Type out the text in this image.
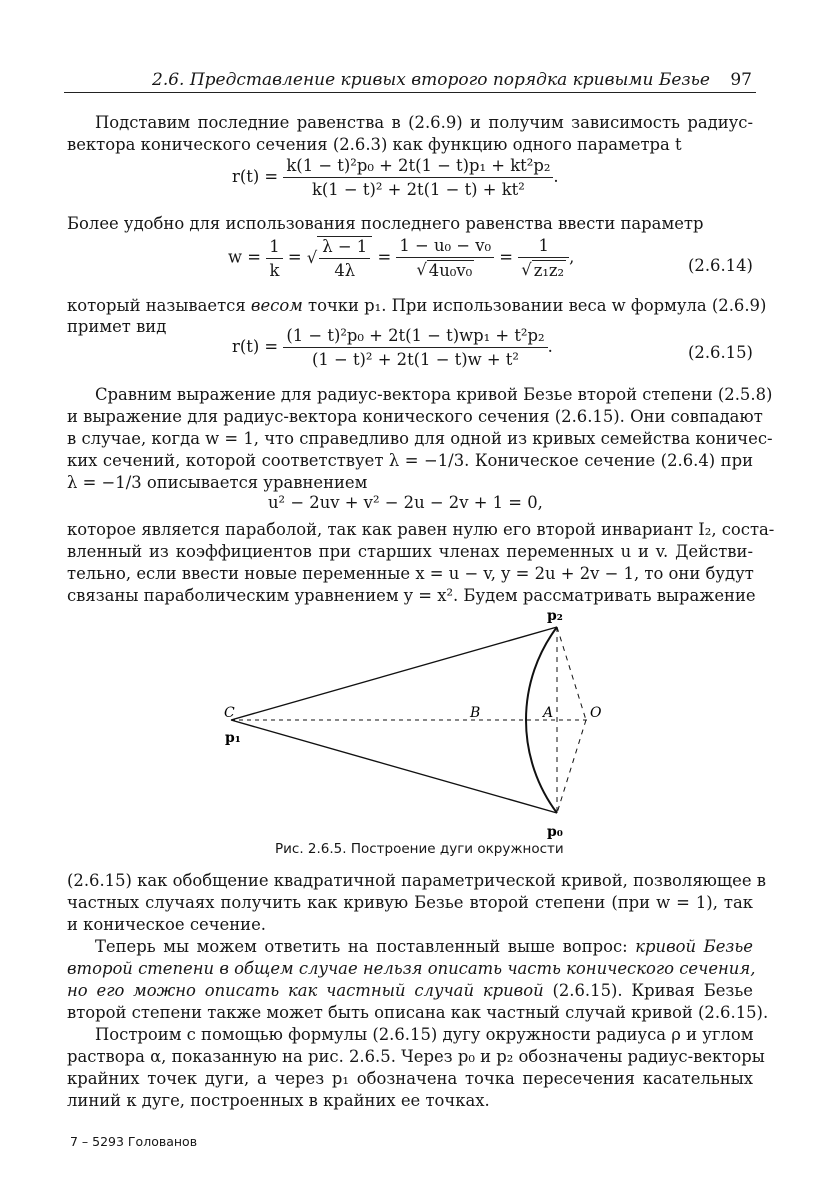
2.6. Представление кривых второго порядка кривыми Безье 97
Подставим последние равенства в (2.6.9) и получим зависимость радиус-
вектора конического сечения (2.6.3) как функцию одного параметра t
$r(t) = \frac{\text{k(1 − t)²p₀ + 2t(1 − t)p₁ + kt²p₂}}{\text{k(1 − t)² + 2t(1 − t) + kt²}}$ .
Более удобно для использования последнего равенства ввести параметр
$w = \frac{1}{k}$ = √ $\frac{\lambda - 1}{4\lambda} = \frac{\text{1 − u₀ − v₀}}{\text{√ 4u₀v₀}} = \frac{1}{\text{√ z₁z₂}}$ ,	(2.6.14)
который называется весом точки p₁. При использовании веса w формула (2.6.9)
примет вид
$r(t) = \frac{\text{(1 − t)²p₀ + 2t(1 − t)wp₁ + t²p₂}}{\text{(1 − t)² + 2t(1 − t)w + t²}}$ .	(2.6.15)
Сравним выражение для радиус-вектора кривой Безье второй степени (2.5.8)
и выражение для радиус-вектора конического сечения (2.6.15). Они совпадают
в случае, когда w = 1, что справедливо для одной из кривых семейства коничес-
ких сечений, которой соответствует λ = −1/3. Коническое сечение (2.6.4) при
λ = −1/3 описывается уравнением
u² − 2uv + v² − 2u − 2v + 1 = 0,
которое является параболой, так как равен нулю его второй инвариант I₂, соста-
вленный из коэффициентов при старших членах переменных u и v. Действи-
тельно, если ввести новые переменные x = u − v, y = 2u + 2v − 1, то они будут
связаны параболическим уравнением y = x². Будем рассматривать выражение
p₂
p₀
C
p₁
B	A	O
Рис. 2.6.5. Построение дуги окружности
(2.6.15) как обобщение квадратичной параметрической кривой, позволяющее в
частных случаях получить как кривую Безье второй степени (при w = 1), так
и коническое сечение.
Теперь мы можем ответить на поставленный выше вопрос: кривой Безье
второй степени в общем случае нельзя описать часть конического сечения,
но его можно описать как частный случай кривой (2.6.15). Кривая Безье
второй степени также может быть описана как частный случай кривой (2.6.15).
Построим с помощью формулы (2.6.15) дугу окружности радиуса ρ и углом
раствора α, показанную на рис. 2.6.5. Через p₀ и p₂ обозначены радиус-векторы
крайних точек дуги, а через p₁ обозначена точка пересечения касательных
линий к дуге, построенных в крайних ее точках.
7 – 5293 Голованов
